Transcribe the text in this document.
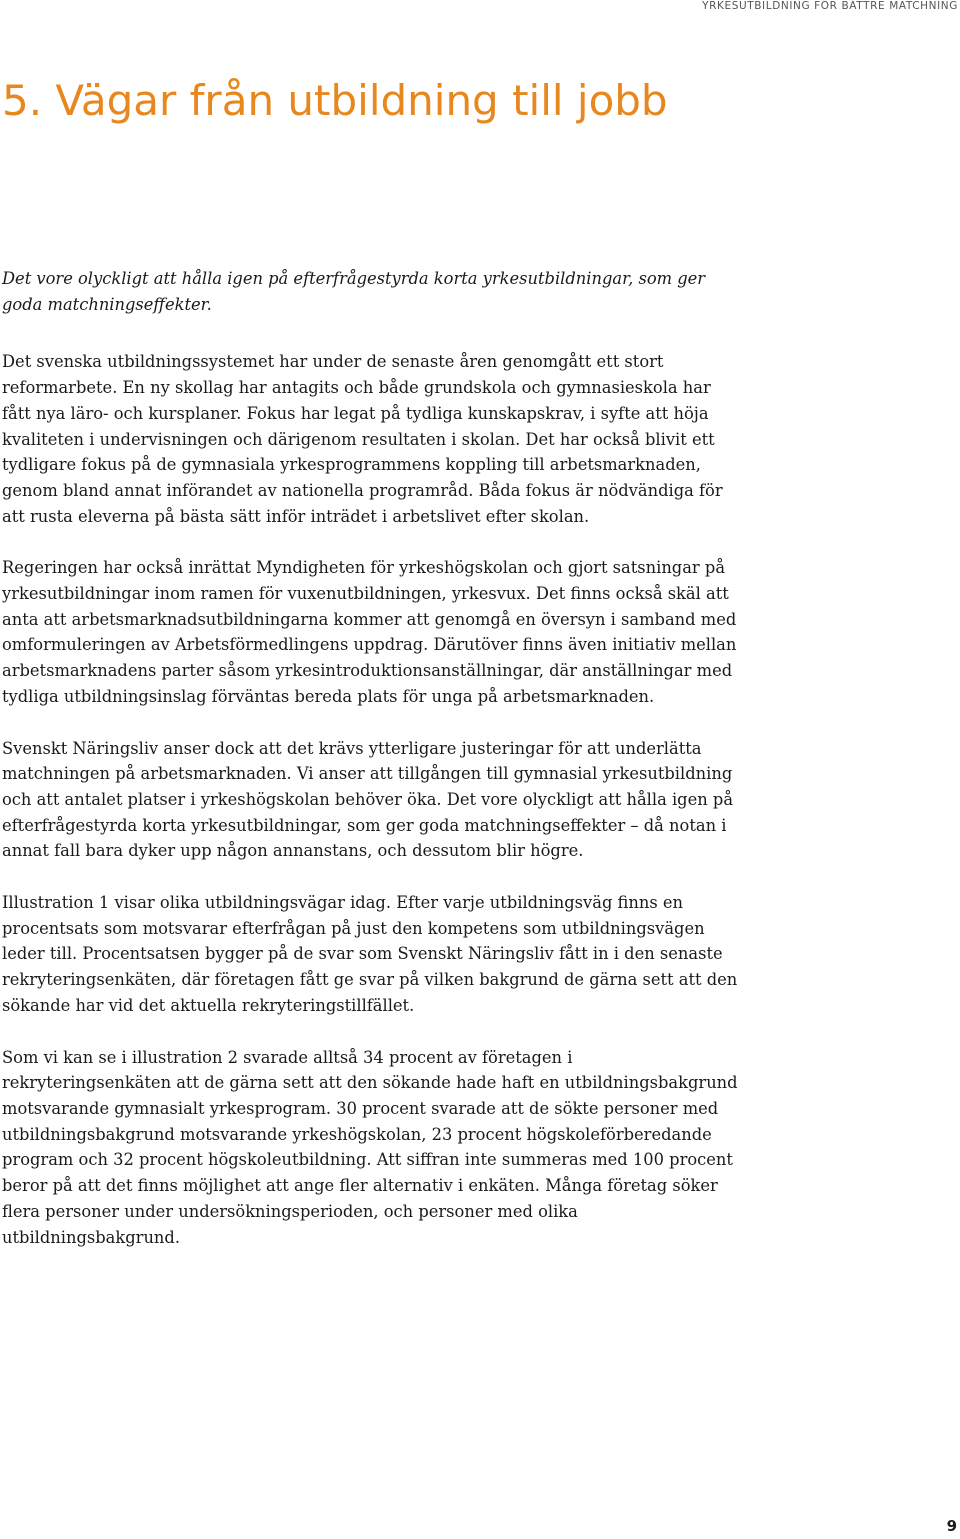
YRKESUTBILDNING FÖR BÄTTRE MATCHNING
5. Vägar från utbildning till jobb

Det vore olyckligt att hålla igen på efterfrågestyrda korta yrkesutbildningar, som ger goda matchningseffekter.

Det svenska utbildningssystemet har under de senaste åren genomgått ett stort reformarbete. En ny skollag har antagits och både grundskola och gymnasieskola har fått nya läro- och kursplaner. Fokus har legat på tydliga kunskapskrav, i syfte att höja kvaliteten i undervisningen och därigenom resultaten i skolan. Det har också blivit ett tydligare fokus på de gymnasiala yrkesprogrammens koppling till arbetsmarknaden, genom bland annat införandet av nationella programråd. Båda fokus är nödvändiga för att rusta eleverna på bästa sätt inför inträdet i arbetslivet efter skolan.

Regeringen har också inrättat Myndigheten för yrkeshögskolan och gjort satsningar på yrkesutbildningar inom ramen för vuxenutbildningen, yrkesvux. Det finns också skäl att anta att arbetsmarknadsutbildningarna kommer att genomgå en översyn i samband med omformuleringen av Arbetsförmedlingens uppdrag. Därutöver finns även initiativ mellan arbetsmarknadens parter såsom yrkesintroduktionsanställningar, där anställningar med tydliga utbildningsinslag förväntas bereda plats för unga på arbetsmarknaden.

Svenskt Näringsliv anser dock att det krävs ytterligare justeringar för att underlätta matchningen på arbetsmarknaden. Vi anser att tillgången till gymnasial yrkesutbildning och att antalet platser i yrkeshögskolan behöver öka. Det vore olyckligt att hålla igen på efterfrågestyrda korta yrkesutbildningar, som ger goda matchningseffekter – då notan i annat fall bara dyker upp någon annanstans, och dessutom blir högre.

Illustration 1 visar olika utbildningsvägar idag. Efter varje utbildningsväg finns en procentsats som motsvarar efterfrågan på just den kompetens som utbildningsvägen leder till. Procentsatsen bygger på de svar som Svenskt Näringsliv fått in i den senaste rekryteringsenkäten, där företagen fått ge svar på vilken bakgrund de gärna sett att den sökande har vid det aktuella rekryteringstillfället.

Som vi kan se i illustration 2 svarade alltså 34 procent av företagen i rekryteringsenkäten att de gärna sett att den sökande hade haft en utbildningsbakgrund motsvarande gymnasialt yrkesprogram. 30 procent svarade att de sökte personer med utbildningsbakgrund motsvarande yrkeshögskolan, 23 procent högskoleförberedande program och 32 procent högskoleutbildning. Att siffran inte summeras med 100 procent beror på att det finns möjlighet att ange fler alternativ i enkäten. Många företag söker flera personer under undersökningsperioden, och personer med olika utbildningsbakgrund.

9
